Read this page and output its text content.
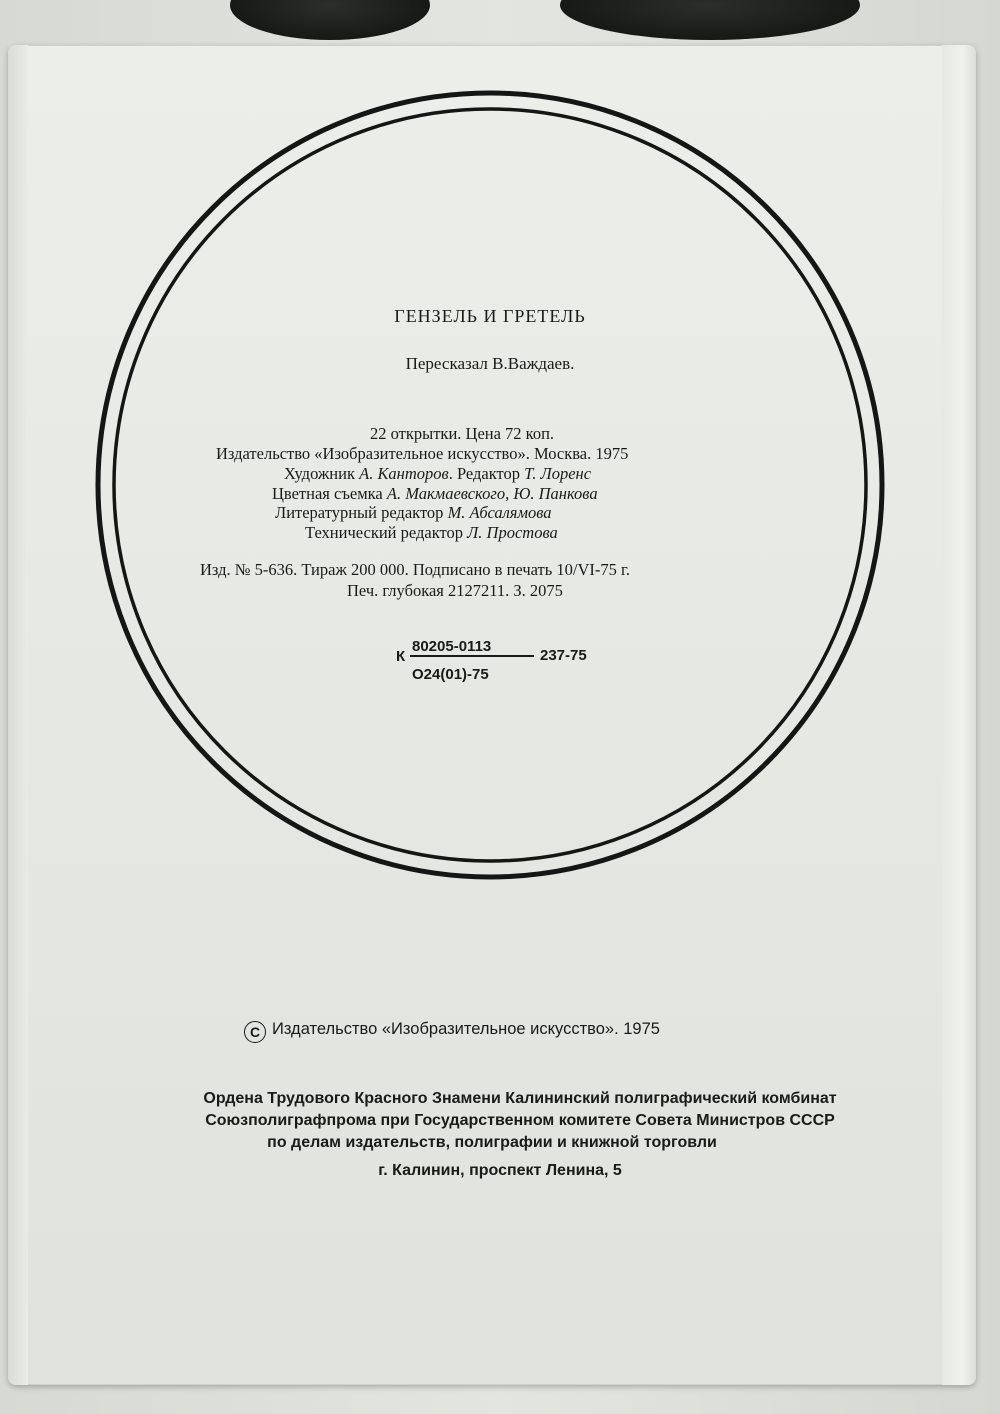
ГЕНЗЕЛЬ И ГРЕТЕЛЬ
Пересказал В.Важдаев.
22 открытки. Цена 72 коп.
Издательство «Изобразительное искусство». Москва. 1975
Художник А. Канторов. Редактор Т. Лоренс
Цветная съемка А. Макмаевского, Ю. Панкова
Литературный редактор М. Абсалямова
Технический редактор Л. Простова
Изд. № 5-636. Тираж 200 000. Подписано в печать 10/VI-75 г.
Печ. глубокая 2127211. З. 2075
К
80205-0113
О24(01)-75
237-75
C Издательство «Изобразительное искусство». 1975
Ордена Трудового Красного Знамени Калининский полиграфический комбинат
Союзполиграфпрома при Государственном комитете Совета Министров СССР
по делам издательств, полиграфии и книжной торговли
г. Калинин, проспект Ленина, 5
